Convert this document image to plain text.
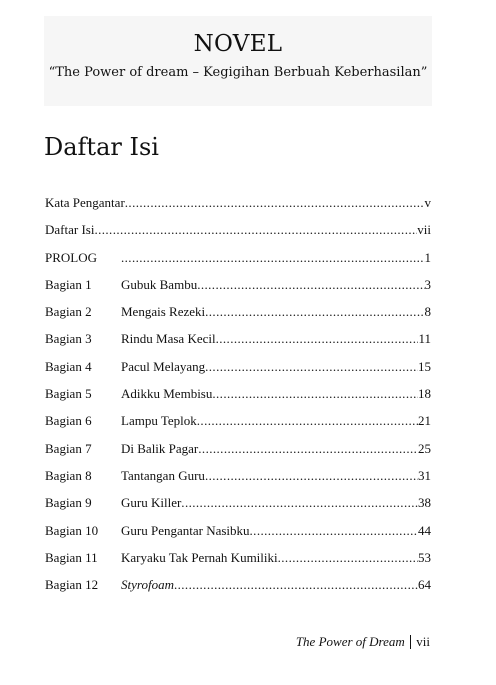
NOVEL
“The Power of dream – Kegigihan Berbuah Keberhasilan”
Daftar Isi
Kata Pengantar .....	v
Daftar Isi .....	vii
PROLOG .....	1
Bagian 1	Gubuk Bambu .....	3
Bagian 2	Mengais Rezeki .....	8
Bagian 3	Rindu Masa Kecil .....	11
Bagian 4	Pacul Melayang .....	15
Bagian 5	Adikku Membisu .....	18
Bagian 6	Lampu Teplok .....	21
Bagian 7	Di Balik Pagar .....	25
Bagian 8	Tantangan Guru .....	31
Bagian 9	Guru Killer .....	38
Bagian 10	Guru Pengantar Nasibku .....	44
Bagian 11	Karyaku Tak Pernah Kumiliki .....	53
Bagian 12	Styrofoam .....	64
The Power of Dream vii
